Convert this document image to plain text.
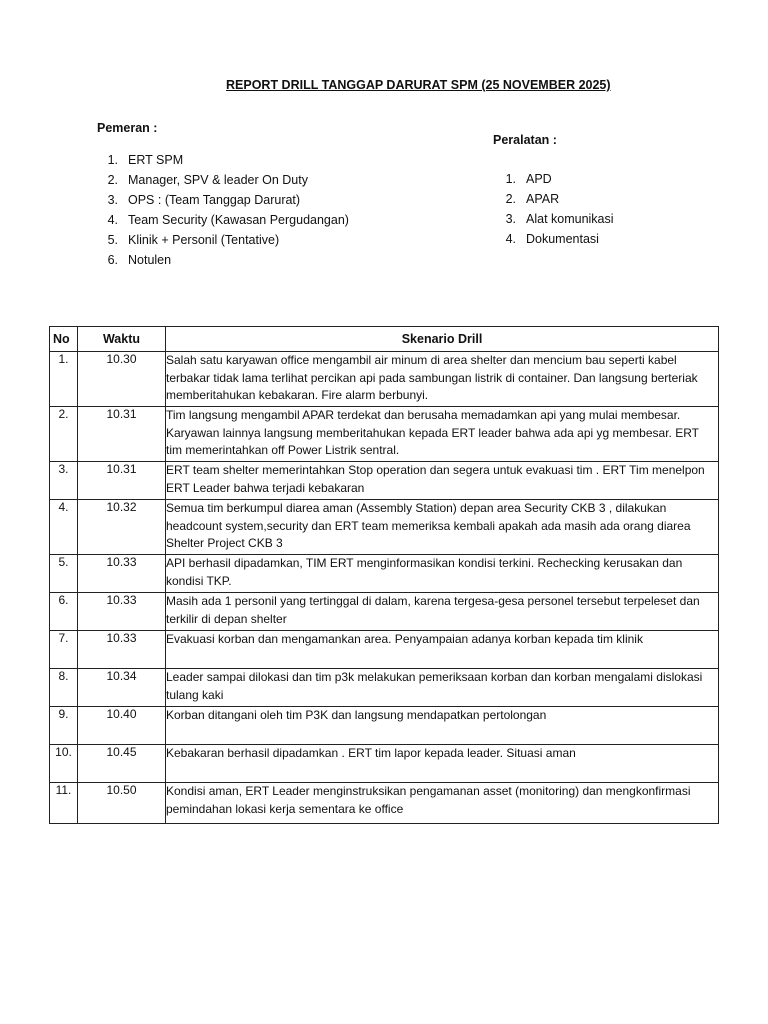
REPORT DRILL TANGGAP DARURAT SPM (25 NOVEMBER 2025)
Pemeran :
1. ERT SPM
2. Manager, SPV & leader On Duty
3. OPS : (Team Tanggap Darurat)
4. Team Security (Kawasan Pergudangan)
5. Klinik + Personil (Tentative)
6. Notulen
Peralatan :
1. APD
2. APAR
3. Alat komunikasi
4. Dokumentasi
No	Waktu	Skenario Drill
1.	10.30	Salah satu karyawan office mengambil air minum di area shelter dan mencium bau seperti kabel terbakar tidak lama terlihat percikan api pada sambungan listrik di container. Dan langsung berteriak memberitahukan kebakaran. Fire alarm berbunyi.
2.	10.31	Tim langsung mengambil APAR terdekat dan berusaha memadamkan api yang mulai membesar. Karyawan lainnya langsung memberitahukan kepada ERT leader bahwa ada api yg membesar. ERT tim memerintahkan off Power Listrik sentral.
3.	10.31	ERT team shelter memerintahkan Stop operation dan segera untuk evakuasi tim . ERT Tim menelpon ERT Leader bahwa terjadi kebakaran
4.	10.32	Semua tim berkumpul diarea aman (Assembly Station) depan area Security CKB 3 , dilakukan headcount system,security dan ERT team memeriksa kembali apakah ada masih ada orang diarea Shelter Project CKB 3
5.	10.33	API berhasil dipadamkan, TIM ERT menginformasikan kondisi terkini. Rechecking kerusakan dan kondisi TKP.
6.	10.33	Masih ada 1 personil yang tertinggal di dalam, karena tergesa-gesa personel tersebut terpeleset dan terkilir di depan shelter
7.	10.33	Evakuasi korban dan mengamankan area. Penyampaian adanya korban kepada tim klinik
8.	10.34	Leader sampai dilokasi dan tim p3k melakukan pemeriksaan korban dan korban mengalami dislokasi tulang kaki
9.	10.40	Korban ditangani oleh tim P3K dan langsung mendapatkan pertolongan
10.	10.45	Kebakaran berhasil dipadamkan . ERT tim lapor kepada leader. Situasi aman
11.	10.50	Kondisi aman, ERT Leader menginstruksikan pengamanan asset (monitoring) dan mengkonfirmasi pemindahan lokasi kerja sementara ke office
